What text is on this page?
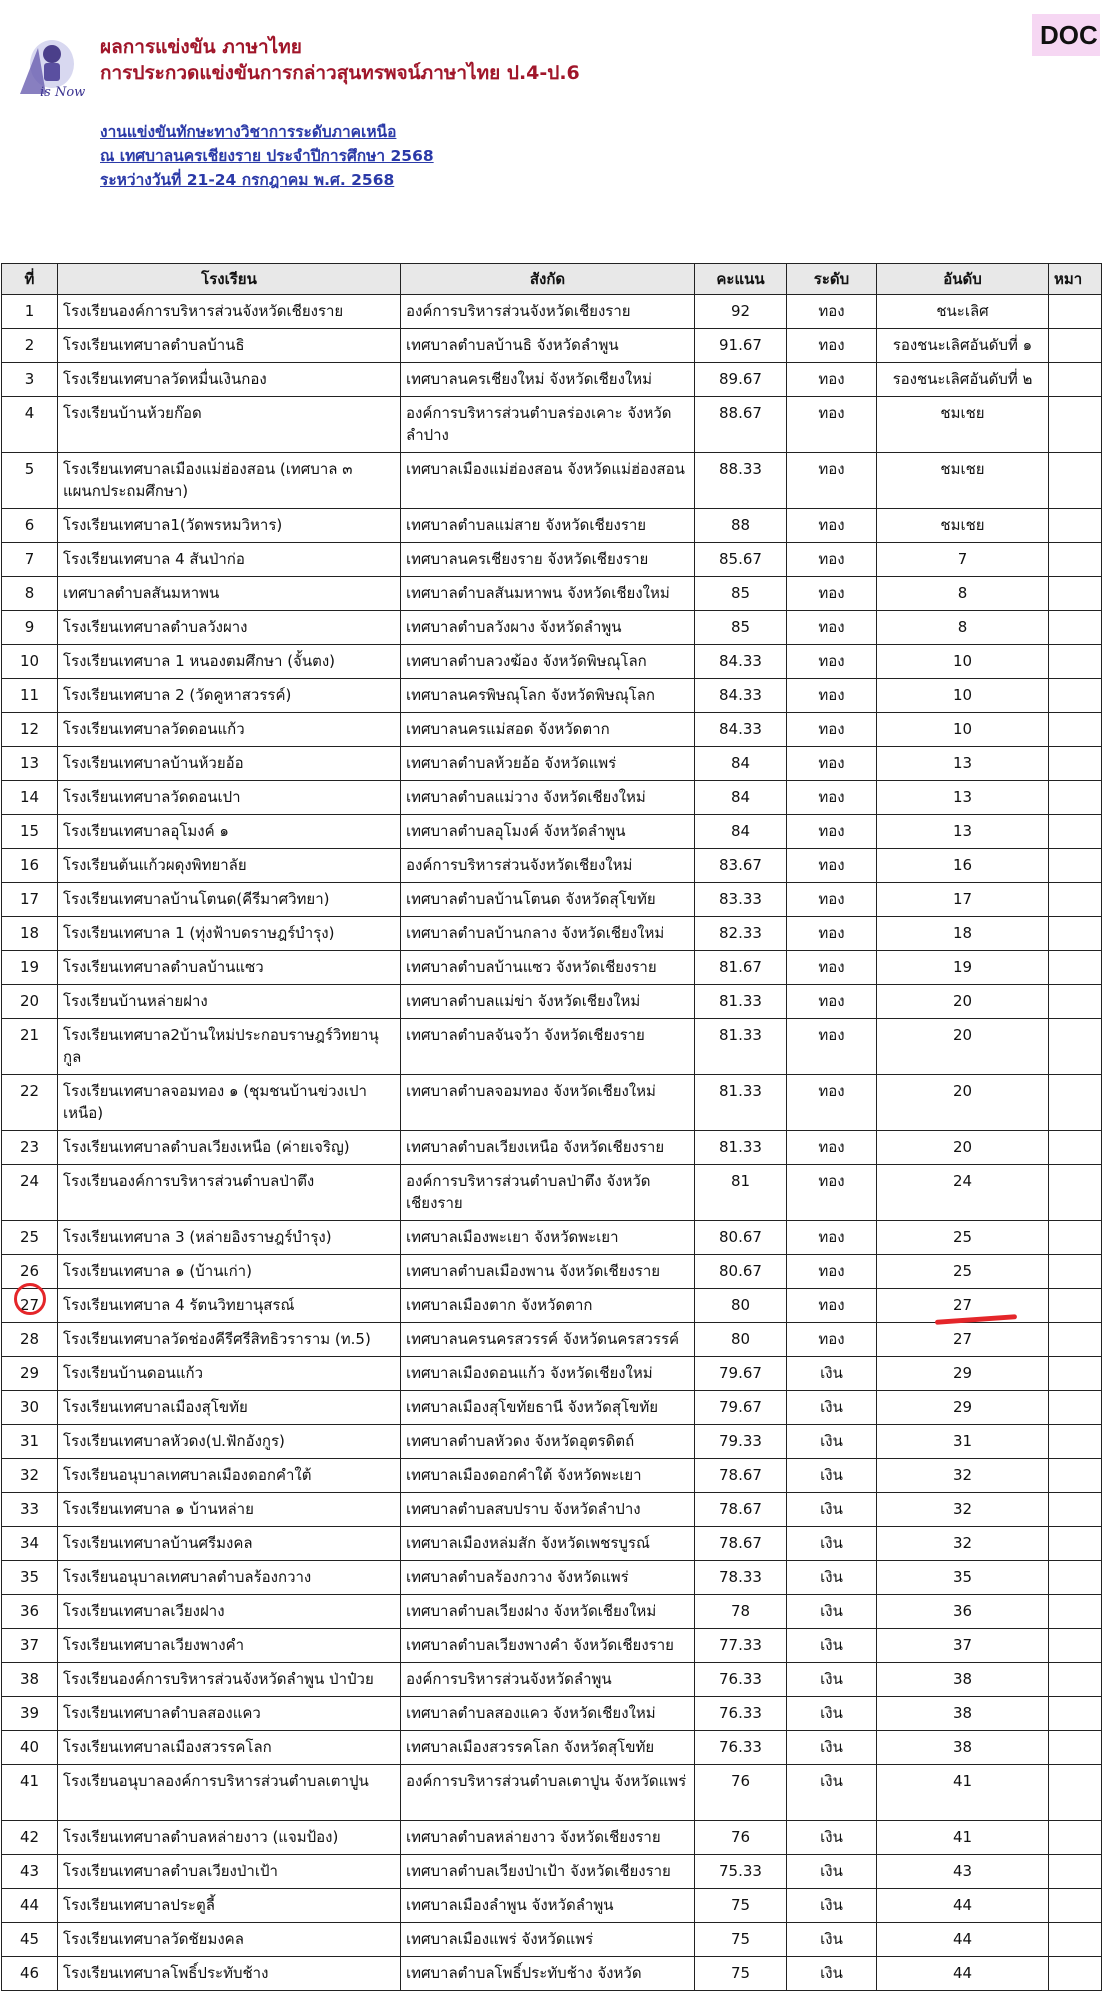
DOC
is Now
ผลการแข่งขัน ภาษาไทย
การประกวดแข่งขันการกล่าวสุนทรพจน์ภาษาไทย ป.4-ป.6
งานแข่งขันทักษะทางวิชาการระดับภาคเหนือ
ณ เทศบาลนครเชียงราย ประจำปีการศึกษา 2568
ระหว่างวันที่ 21-24 กรกฎาคม พ.ศ. 2568
ที่	โรงเรียน	สังกัด	คะแนน	ระดับ	อันดับ	หมา
1	โรงเรียนองค์การบริหารส่วนจังหวัดเชียงราย	องค์การบริหารส่วนจังหวัดเชียงราย	92	ทอง	ชนะเลิศ	
2	โรงเรียนเทศบาลตำบลบ้านธิ	เทศบาลตำบลบ้านธิ จังหวัดลำพูน	91.67	ทอง	รองชนะเลิศอันดับที่ ๑	
3	โรงเรียนเทศบาลวัดหมื่นเงินกอง	เทศบาลนครเชียงใหม่ จังหวัดเชียงใหม่	89.67	ทอง	รองชนะเลิศอันดับที่ ๒	
4	โรงเรียนบ้านห้วยก๊อด	องค์การบริหารส่วนตำบลร่องเคาะ จังหวัดลำปาง	88.67	ทอง	ชมเชย	
5	โรงเรียนเทศบาลเมืองแม่ฮ่องสอน (เทศบาล ๓ แผนกประถมศึกษา)	เทศบาลเมืองแม่ฮ่องสอน จังหวัดแม่ฮ่องสอน	88.33	ทอง	ชมเชย	
6	โรงเรียนเทศบาล1(วัดพรหมวิหาร)	เทศบาลตำบลแม่สาย จังหวัดเชียงราย	88	ทอง	ชมเชย	
7	โรงเรียนเทศบาล 4 สันป่าก่อ	เทศบาลนครเชียงราย จังหวัดเชียงราย	85.67	ทอง	7	
8	เทศบาลตำบลสันมหาพน	เทศบาลตำบลสันมหาพน จังหวัดเชียงใหม่	85	ทอง	8	
9	โรงเรียนเทศบาลตำบลวังผาง	เทศบาลตำบลวังผาง จังหวัดลำพูน	85	ทอง	8	
10	โรงเรียนเทศบาล 1 หนองตมศึกษา (จั้นตง)	เทศบาลตำบลวงฆ้อง จังหวัดพิษณุโลก	84.33	ทอง	10	
11	โรงเรียนเทศบาล 2 (วัดคูหาสวรรค์)	เทศบาลนครพิษณุโลก จังหวัดพิษณุโลก	84.33	ทอง	10	
12	โรงเรียนเทศบาลวัดดอนแก้ว	เทศบาลนครแม่สอด จังหวัดตาก	84.33	ทอง	10	
13	โรงเรียนเทศบาลบ้านห้วยอ้อ	เทศบาลตำบลห้วยอ้อ จังหวัดแพร่	84	ทอง	13	
14	โรงเรียนเทศบาลวัดดอนเปา	เทศบาลตำบลแม่วาง จังหวัดเชียงใหม่	84	ทอง	13	
15	โรงเรียนเทศบาลอุโมงค์ ๑	เทศบาลตำบลอุโมงค์ จังหวัดลำพูน	84	ทอง	13	
16	โรงเรียนต้นแก้วผดุงพิทยาลัย	องค์การบริหารส่วนจังหวัดเชียงใหม่	83.67	ทอง	16	
17	โรงเรียนเทศบาลบ้านโตนด(คีรีมาศวิทยา)	เทศบาลตำบลบ้านโตนด จังหวัดสุโขทัย	83.33	ทอง	17	
18	โรงเรียนเทศบาล 1 (ทุ่งฟ้าบดราษฎร์บำรุง)	เทศบาลตำบลบ้านกลาง จังหวัดเชียงใหม่	82.33	ทอง	18	
19	โรงเรียนเทศบาลตำบลบ้านแซว	เทศบาลตำบลบ้านแซว จังหวัดเชียงราย	81.67	ทอง	19	
20	โรงเรียนบ้านหล่ายฝาง	เทศบาลตำบลแม่ข่า จังหวัดเชียงใหม่	81.33	ทอง	20	
21	โรงเรียนเทศบาล2บ้านใหม่ประกอบราษฎร์วิทยานุกูล	เทศบาลตำบลจันจว้า จังหวัดเชียงราย	81.33	ทอง	20	
22	โรงเรียนเทศบาลจอมทอง ๑ (ชุมชนบ้านข่วงเปาเหนือ)	เทศบาลตำบลจอมทอง จังหวัดเชียงใหม่	81.33	ทอง	20	
23	โรงเรียนเทศบาลตำบลเวียงเหนือ (ค่ายเจริญ)	เทศบาลตำบลเวียงเหนือ จังหวัดเชียงราย	81.33	ทอง	20	
24	โรงเรียนองค์การบริหารส่วนตำบลป่าตึง	องค์การบริหารส่วนตำบลป่าตึง จังหวัดเชียงราย	81	ทอง	24	
25	โรงเรียนเทศบาล 3 (หล่ายอิงราษฎร์บำรุง)	เทศบาลเมืองพะเยา จังหวัดพะเยา	80.67	ทอง	25	
26	โรงเรียนเทศบาล ๑ (บ้านเก่า)	เทศบาลตำบลเมืองพาน จังหวัดเชียงราย	80.67	ทอง	25	
27	โรงเรียนเทศบาล 4 รัตนวิทยานุสรณ์	เทศบาลเมืองตาก จังหวัดตาก	80	ทอง	27	
28	โรงเรียนเทศบาลวัดช่องคีรีศรีสิทธิวราราม (ท.5)	เทศบาลนครนครสวรรค์ จังหวัดนครสวรรค์	80	ทอง	27	
29	โรงเรียนบ้านดอนแก้ว	เทศบาลเมืองดอนแก้ว จังหวัดเชียงใหม่	79.67	เงิน	29	
30	โรงเรียนเทศบาลเมืองสุโขทัย	เทศบาลเมืองสุโขทัยธานี จังหวัดสุโขทัย	79.67	เงิน	29	
31	โรงเรียนเทศบาลหัวดง(ป.ฟักอังกูร)	เทศบาลตำบลหัวดง จังหวัดอุตรดิตถ์	79.33	เงิน	31	
32	โรงเรียนอนุบาลเทศบาลเมืองดอกคำใต้	เทศบาลเมืองดอกคำใต้ จังหวัดพะเยา	78.67	เงิน	32	
33	โรงเรียนเทศบาล ๑ บ้านหล่าย	เทศบาลตำบลสบปราบ จังหวัดลำปาง	78.67	เงิน	32	
34	โรงเรียนเทศบาลบ้านศรีมงคล	เทศบาลเมืองหล่มสัก จังหวัดเพชรบูรณ์	78.67	เงิน	32	
35	โรงเรียนอนุบาลเทศบาลตำบลร้องกวาง	เทศบาลตำบลร้องกวาง จังหวัดแพร่	78.33	เงิน	35	
36	โรงเรียนเทศบาลเวียงฝาง	เทศบาลตำบลเวียงฝาง จังหวัดเชียงใหม่	78	เงิน	36	
37	โรงเรียนเทศบาลเวียงพางคำ	เทศบาลตำบลเวียงพางคำ จังหวัดเชียงราย	77.33	เงิน	37	
38	โรงเรียนองค์การบริหารส่วนจังหวัดลำพูน ป่าป๋วย	องค์การบริหารส่วนจังหวัดลำพูน	76.33	เงิน	38	
39	โรงเรียนเทศบาลตำบลสองแคว	เทศบาลตำบลสองแคว จังหวัดเชียงใหม่	76.33	เงิน	38	
40	โรงเรียนเทศบาลเมืองสวรรคโลก	เทศบาลเมืองสวรรคโลก จังหวัดสุโขทัย	76.33	เงิน	38	
41	โรงเรียนอนุบาลองค์การบริหารส่วนตำบลเตาปูน	องค์การบริหารส่วนตำบลเตาปูน จังหวัดแพร่	76	เงิน	41	
42	โรงเรียนเทศบาลตำบลหล่ายงาว (แจมป้อง)	เทศบาลตำบลหล่ายงาว จังหวัดเชียงราย	76	เงิน	41	
43	โรงเรียนเทศบาลตำบลเวียงป่าเป้า	เทศบาลตำบลเวียงป่าเป้า จังหวัดเชียงราย	75.33	เงิน	43	
44	โรงเรียนเทศบาลประตูลี้	เทศบาลเมืองลำพูน จังหวัดลำพูน	75	เงิน	44	
45	โรงเรียนเทศบาลวัดชัยมงคล	เทศบาลเมืองแพร่ จังหวัดแพร่	75	เงิน	44	
46	โรงเรียนเทศบาลโพธิ์ประทับช้าง	เทศบาลตำบลโพธิ์ประทับช้าง จังหวัด	75	เงิน	44	
